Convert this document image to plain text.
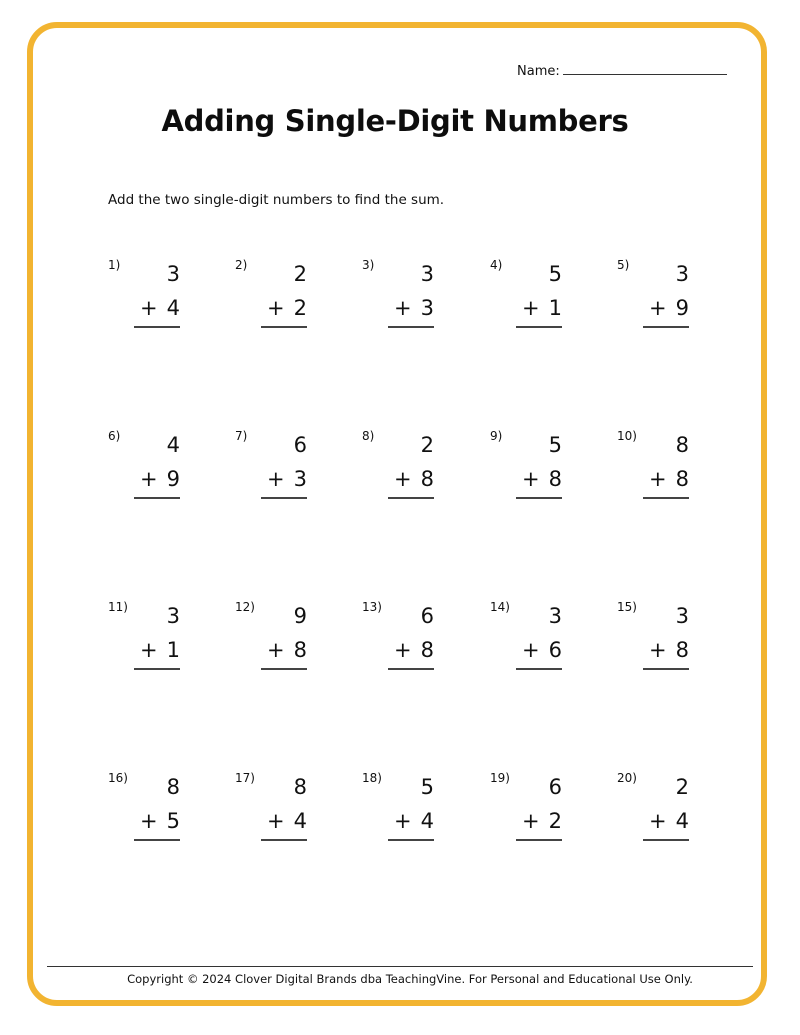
Name:
Adding Single-Digit Numbers
Add the two single-digit numbers to find the sum.
1) 3
+ 4
2) 2
+ 2
3) 3
+ 3
4) 5
+ 1
5) 3
+ 9
6) 4
+ 9
7) 6
+ 3
8) 2
+ 8
9) 5
+ 8
10) 8
+ 8
11) 3
+ 1
12) 9
+ 8
13) 6
+ 8
14) 3
+ 6
15) 3
+ 8
16) 8
+ 5
17) 8
+ 4
18) 5
+ 4
19) 6
+ 2
20) 2
+ 4
Copyright © 2024 Clover Digital Brands dba TeachingVine. For Personal and Educational Use Only.
